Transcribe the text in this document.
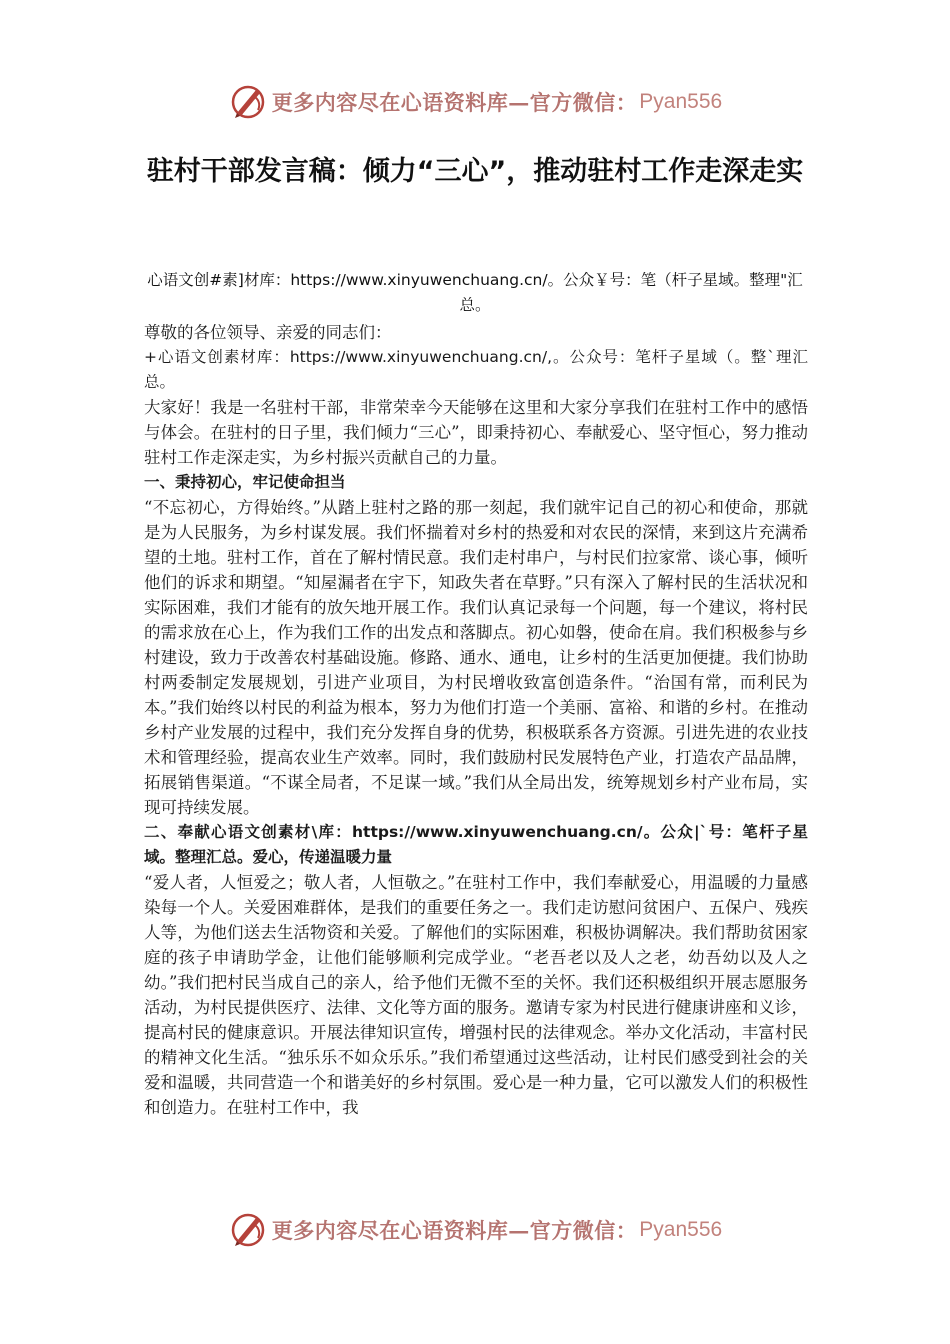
更多内容尽在心语资料库—官方微信： Pyan556
驻村干部发言稿：倾力“三心”，推动驻村工作走深走实
心语文创#素]材库：https://www.xinyuwenchuang.cn/。公众￥号：笔（杆子星域。整理"汇总。

尊敬的各位领导、亲爱的同志们：

+心语文创素材库：https://www.xinyuwenchuang.cn/,。公众号：笔杆子星域（。整`理汇总。

大家好！我是一名驻村干部，非常荣幸今天能够在这里和大家分享我们在驻村工作中的感悟与体会。在驻村的日子里，我们倾力“三心”，即秉持初心、奉献爱心、坚守恒心，努力推动驻村工作走深走实，为乡村振兴贡献自己的力量。

一、秉持初心，牢记使命担当

“不忘初心，方得始终。”从踏上驻村之路的那一刻起，我们就牢记自己的初心和使命，那就是为人民服务，为乡村谋发展。我们怀揣着对乡村的热爱和对农民的深情，来到这片充满希望的土地。驻村工作，首在了解村情民意。我们走村串户，与村民们拉家常、谈心事，倾听他们的诉求和期望。“知屋漏者在宇下，知政失者在草野。”只有深入了解村民的生活状况和实际困难，我们才能有的放矢地开展工作。我们认真记录每一个问题，每一个建议，将村民的需求放在心上，作为我们工作的出发点和落脚点。初心如磐，使命在肩。我们积极参与乡村建设，致力于改善农村基础设施。修路、通水、通电，让乡村的生活更加便捷。我们协助村两委制定发展规划，引进产业项目，为村民增收致富创造条件。“治国有常，而利民为本。”我们始终以村民的利益为根本，努力为他们打造一个美丽、富裕、和谐的乡村。在推动乡村产业发展的过程中，我们充分发挥自身的优势，积极联系各方资源。引进先进的农业技术和管理经验，提高农业生产效率。同时，我们鼓励村民发展特色产业，打造农产品品牌，拓展销售渠道。“不谋全局者，不足谋一域。”我们从全局出发，统筹规划乡村产业布局，实现可持续发展。

二、奉献心语文创素材\库：https://www.xinyuwenchuang.cn/。公众|`号：笔杆子星域。整理汇总。爱心，传递温暖力量

“爱人者，人恒爱之；敬人者，人恒敬之。”在驻村工作中，我们奉献爱心，用温暖的力量感染每一个人。关爱困难群体，是我们的重要任务之一。我们走访慰问贫困户、五保户、残疾人等，为他们送去生活物资和关爱。了解他们的实际困难，积极协调解决。我们帮助贫困家庭的孩子申请助学金，让他们能够顺利完成学业。“老吾老以及人之老，幼吾幼以及人之幼。”我们把村民当成自己的亲人，给予他们无微不至的关怀。我们还积极组织开展志愿服务活动，为村民提供医疗、法律、文化等方面的服务。邀请专家为村民进行健康讲座和义诊，提高村民的健康意识。开展法律知识宣传，增强村民的法律观念。举办文化活动，丰富村民的精神文化生活。“独乐乐不如众乐乐。”我们希望通过这些活动，让村民们感受到社会的关爱和温暖，共同营造一个和谐美好的乡村氛围。爱心是一种力量，它可以激发人们的积极性和创造力。在驻村工作中，我

更多内容尽在心语资料库—官方微信： Pyan556
